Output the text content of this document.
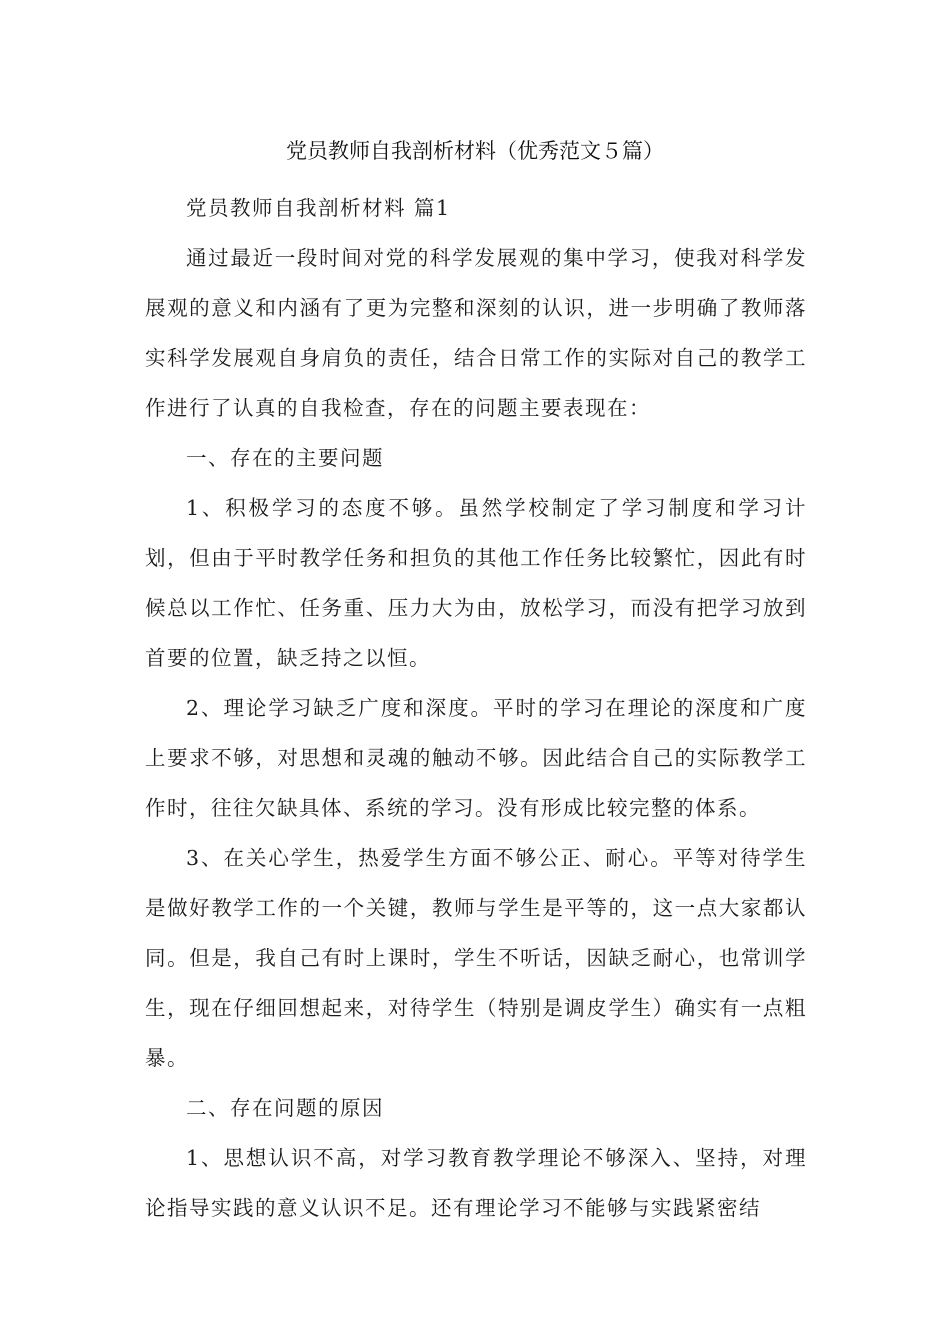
党员教师自我剖析材料（优秀范文５篇）

党员教师自我剖析材料 篇1

通过最近一段时间对党的科学发展观的集中学习，使我对科学发展观的意义和内涵有了更为完整和深刻的认识，进一步明确了教师落实科学发展观自身肩负的责任，结合日常工作的实际对自己的教学工作进行了认真的自我检查，存在的问题主要表现在：

一、存在的主要问题

1、积极学习的态度不够。虽然学校制定了学习制度和学习计划，但由于平时教学任务和担负的其他工作任务比较繁忙，因此有时候总以工作忙、任务重、压力大为由，放松学习，而没有把学习放到首要的位置，缺乏持之以恒。

2、理论学习缺乏广度和深度。平时的学习在理论的深度和广度上要求不够，对思想和灵魂的触动不够。因此结合自己的实际教学工作时，往往欠缺具体、系统的学习。没有形成比较完整的体系。

3、在关心学生，热爱学生方面不够公正、耐心。平等对待学生是做好教学工作的一个关键，教师与学生是平等的，这一点大家都认同。但是，我自己有时上课时，学生不听话，因缺乏耐心，也常训学生，现在仔细回想起来，对待学生（特别是调皮学生）确实有一点粗暴。

二、存在问题的原因

1、思想认识不高，对学习教育教学理论不够深入、坚持，对理论指导实践的意义认识不足。还有理论学习不能够与实践紧密结
